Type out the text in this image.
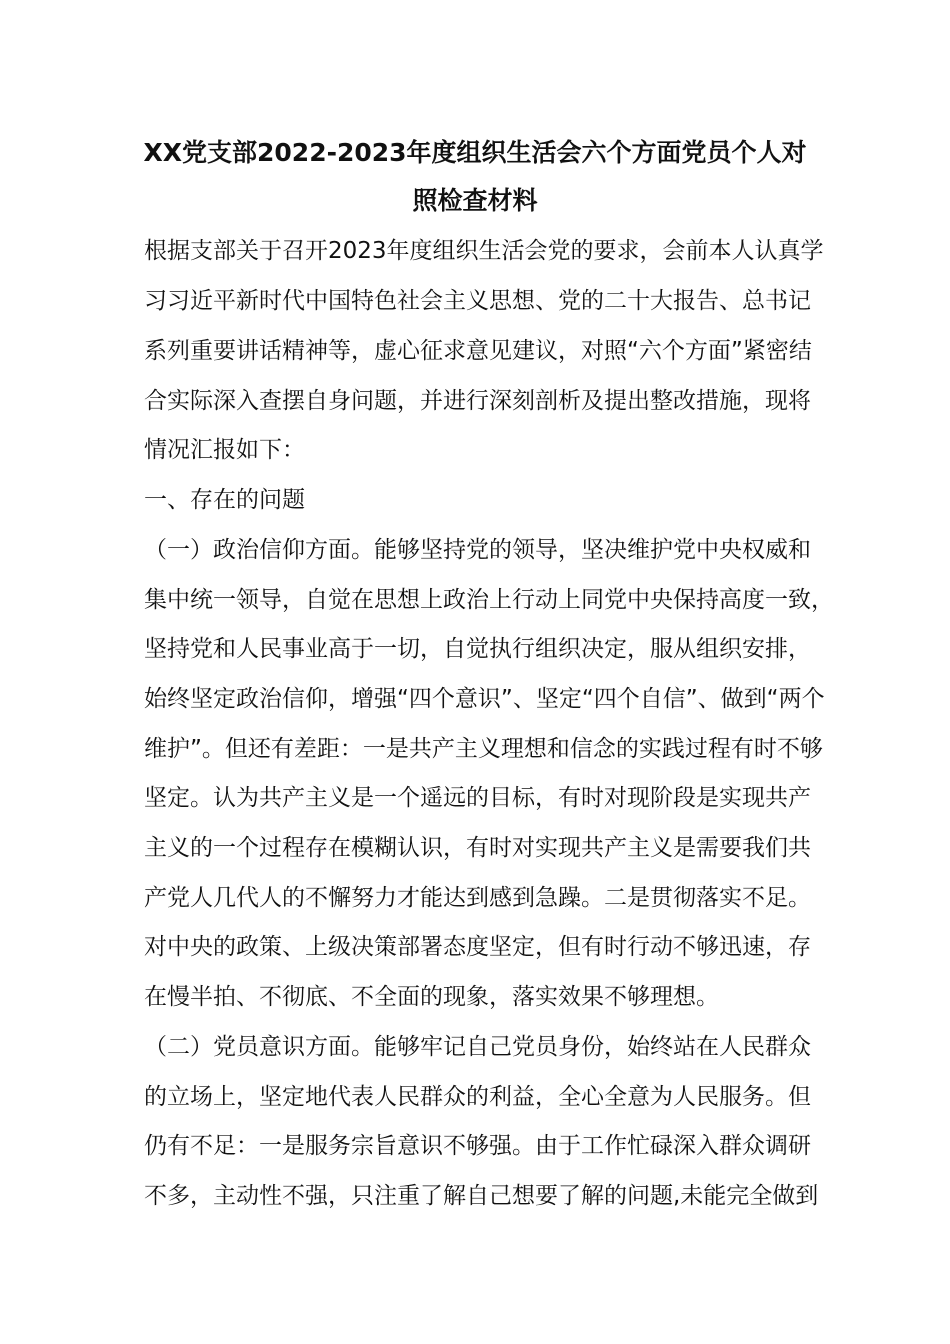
XX党支部2022-2023年度组织生活会六个方面党员个人对
照检查材料
根据支部关于召开2023年度组织生活会党的要求，会前本人认真学
习习近平新时代中国特色社会主义思想、党的二十大报告、总书记
系列重要讲话精神等，虚心征求意见建议，对照“六个方面”紧密结
合实际深入查摆自身问题，并进行深刻剖析及提出整改措施，现将
情况汇报如下：
一、存在的问题
（一）政治信仰方面。能够坚持党的领导，坚决维护党中央权威和
集中统一领导，自觉在思想上政治上行动上同党中央保持高度一致，
坚持党和人民事业高于一切，自觉执行组织决定，服从组织安排，
始终坚定政治信仰，增强“四个意识”、坚定“四个自信”、做到“两个
维护”。但还有差距：一是共产主义理想和信念的实践过程有时不够
坚定。认为共产主义是一个遥远的目标，有时对现阶段是实现共产
主义的一个过程存在模糊认识，有时对实现共产主义是需要我们共
产党人几代人的不懈努力才能达到感到急躁。二是贯彻落实不足。
对中央的政策、上级决策部署态度坚定，但有时行动不够迅速，存
在慢半拍、不彻底、不全面的现象，落实效果不够理想。
（二）党员意识方面。能够牢记自己党员身份，始终站在人民群众
的立场上，坚定地代表人民群众的利益，全心全意为人民服务。但
仍有不足：一是服务宗旨意识不够强。由于工作忙碌深入群众调研
不多，主动性不强，只注重了解自己想要了解的问题,未能完全做到
